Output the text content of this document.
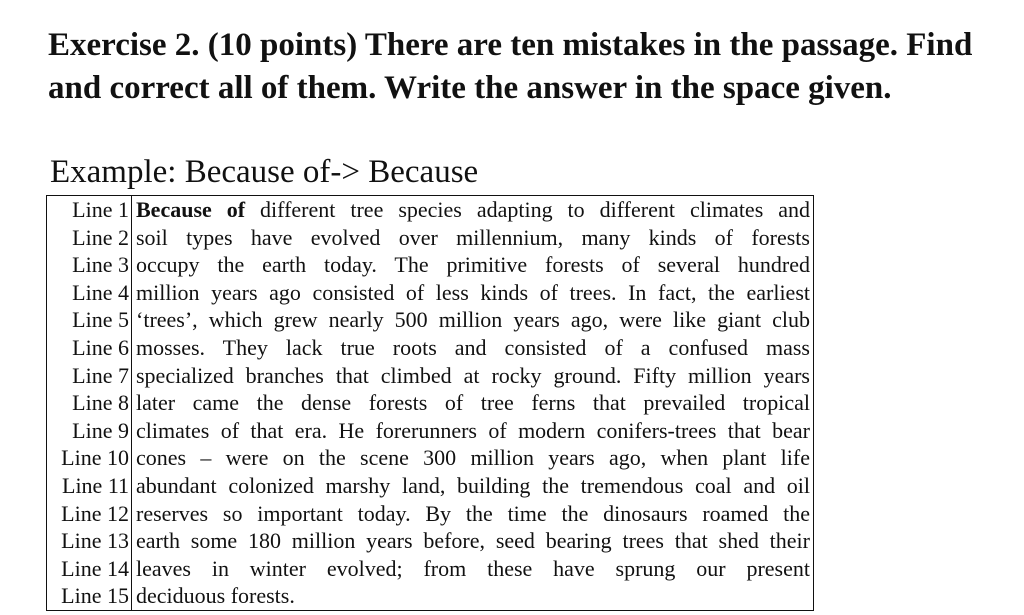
Exercise 2. (10 points) There are ten mistakes in the passage. Find and correct all of them. Write the answer in the space given.
Example: Because of-> Because
Line 1	Because of different tree species adapting to different climates and
Line 2	soil types have evolved over millennium, many kinds of forests
Line 3	occupy the earth today. The primitive forests of several hundred
Line 4	million years ago consisted of less kinds of trees. In fact, the earliest
Line 5	‘trees’, which grew nearly 500 million years ago, were like giant club
Line 6	mosses. They lack true roots and consisted of a confused mass
Line 7	specialized branches that climbed at rocky ground. Fifty million years
Line 8	later came the dense forests of tree ferns that prevailed tropical
Line 9	climates of that era. He forerunners of modern conifers-trees that bear
Line 10	cones – were on the scene 300 million years ago, when plant life
Line 11	abundant colonized marshy land, building the tremendous coal and oil
Line 12	reserves so important today. By the time the dinosaurs roamed the
Line 13	earth some 180 million years before, seed bearing trees that shed their
Line 14	leaves in winter evolved; from these have sprung our present
Line 15	deciduous forests.
